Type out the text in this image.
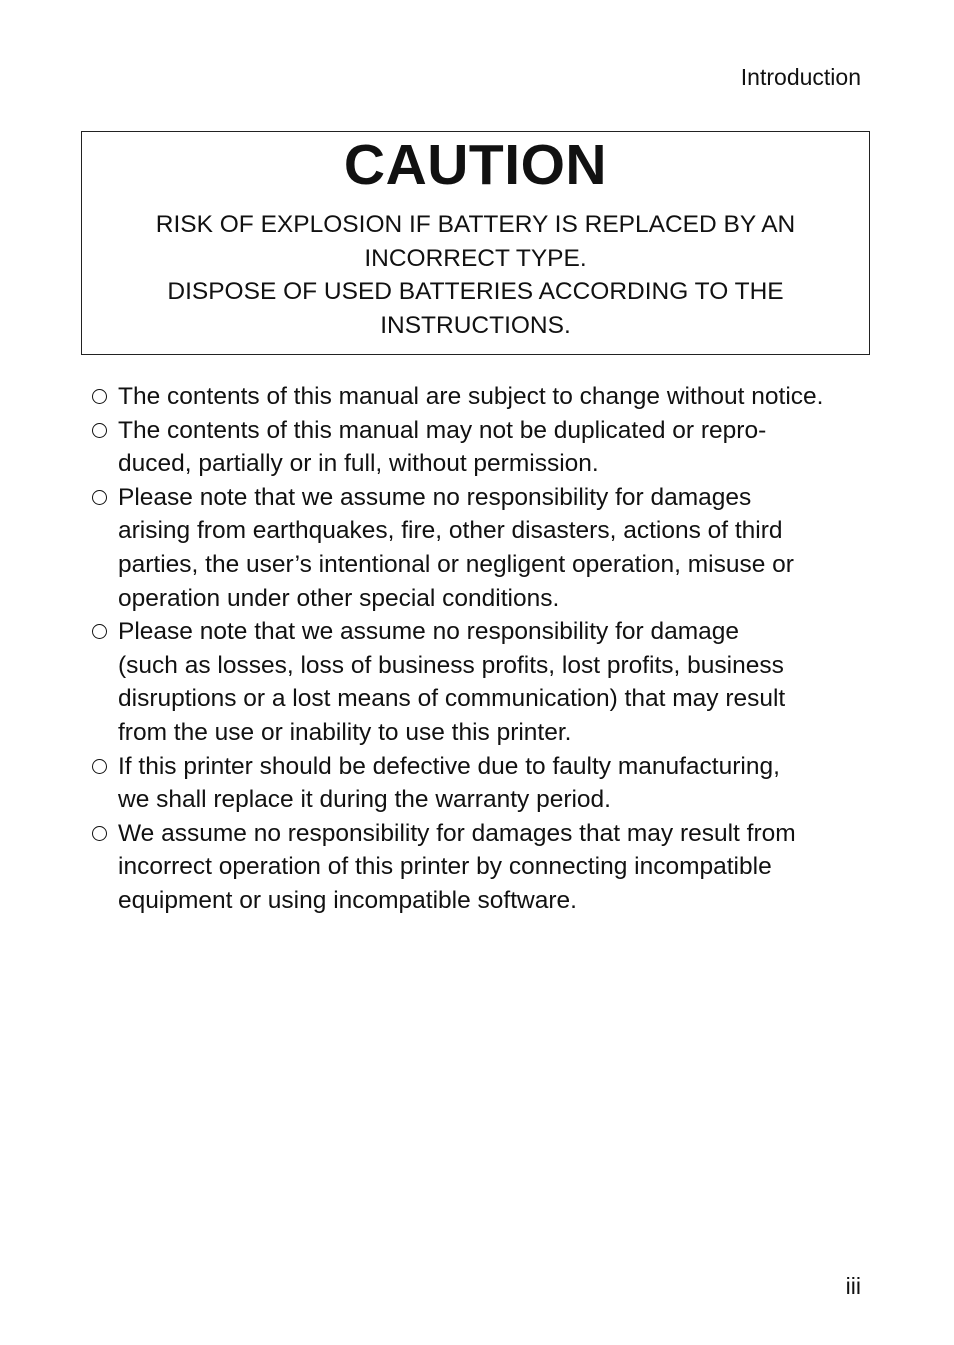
Introduction
CAUTION
RISK OF EXPLOSION IF BATTERY IS REPLACED BY AN
INCORRECT TYPE.
DISPOSE OF USED BATTERIES ACCORDING TO THE
INSTRUCTIONS.
The contents of this manual are subject to change without notice.
The contents of this manual may not be duplicated or repro-
duced, partially or in full, without permission.
Please note that we assume no responsibility for damages
arising from earthquakes, fire, other disasters, actions of third
parties, the user’s intentional or negligent operation, misuse or
operation under other special conditions.
Please note that we assume no responsibility for damage
(such as losses, loss of business profits, lost profits, business
disruptions or a lost means of communication) that may result
from the use or inability to use this printer.
If this printer should be defective due to faulty manufacturing,
we shall replace it during the warranty period.
We assume no responsibility for damages that may result from
incorrect operation of this printer by connecting incompatible
equipment or using incompatible software.
iii
